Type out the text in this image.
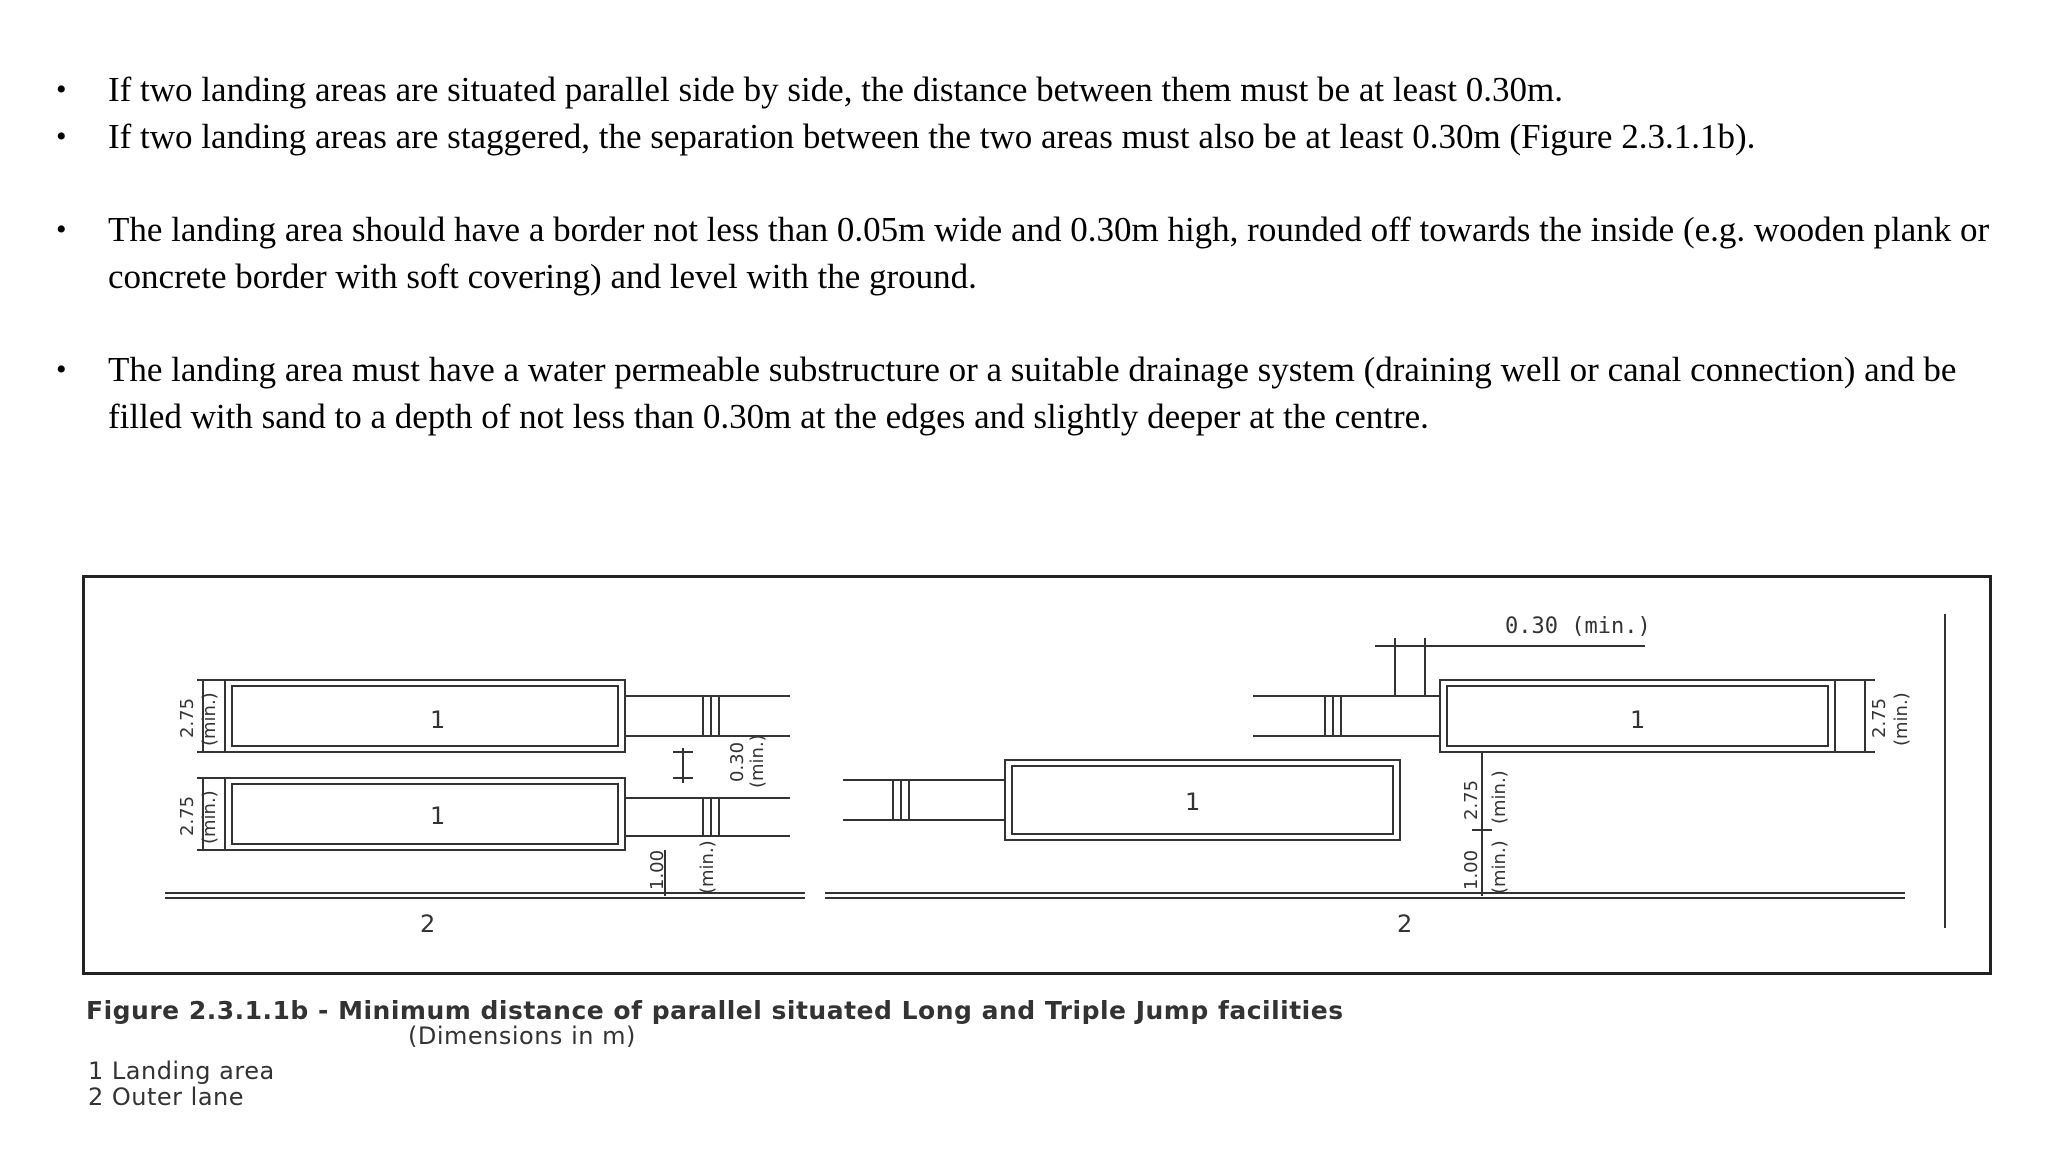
• If two landing areas are situated parallel side by side, the distance between them must be at least 0.30m.
• If two landing areas are staggered, the separation between the two areas must also be at least 0.30m (Figure 2.3.1.1b).
• The landing area should have a border not less than 0.05m wide and 0.30m high, rounded off towards the inside (e.g. wooden plank or concrete border with soft covering) and level with the ground.
• The landing area must have a water permeable substructure or a suitable drainage system (draining well or canal connection) and be filled with sand to a depth of not less than 0.30m at the edges and slightly deeper at the centre.
1
1	1
1
2	2
0.30 (min.)
2.75 (min.)
2.75 (min.)
0.30 (min.)
1.00 (min.)
2.75 (min.)
1.00 (min.)
2.75 (min.)
Figure 2.3.1.1b - Minimum distance of parallel situated Long and Triple Jump facilities
(Dimensions in m)
1 Landing area
2 Outer lane
